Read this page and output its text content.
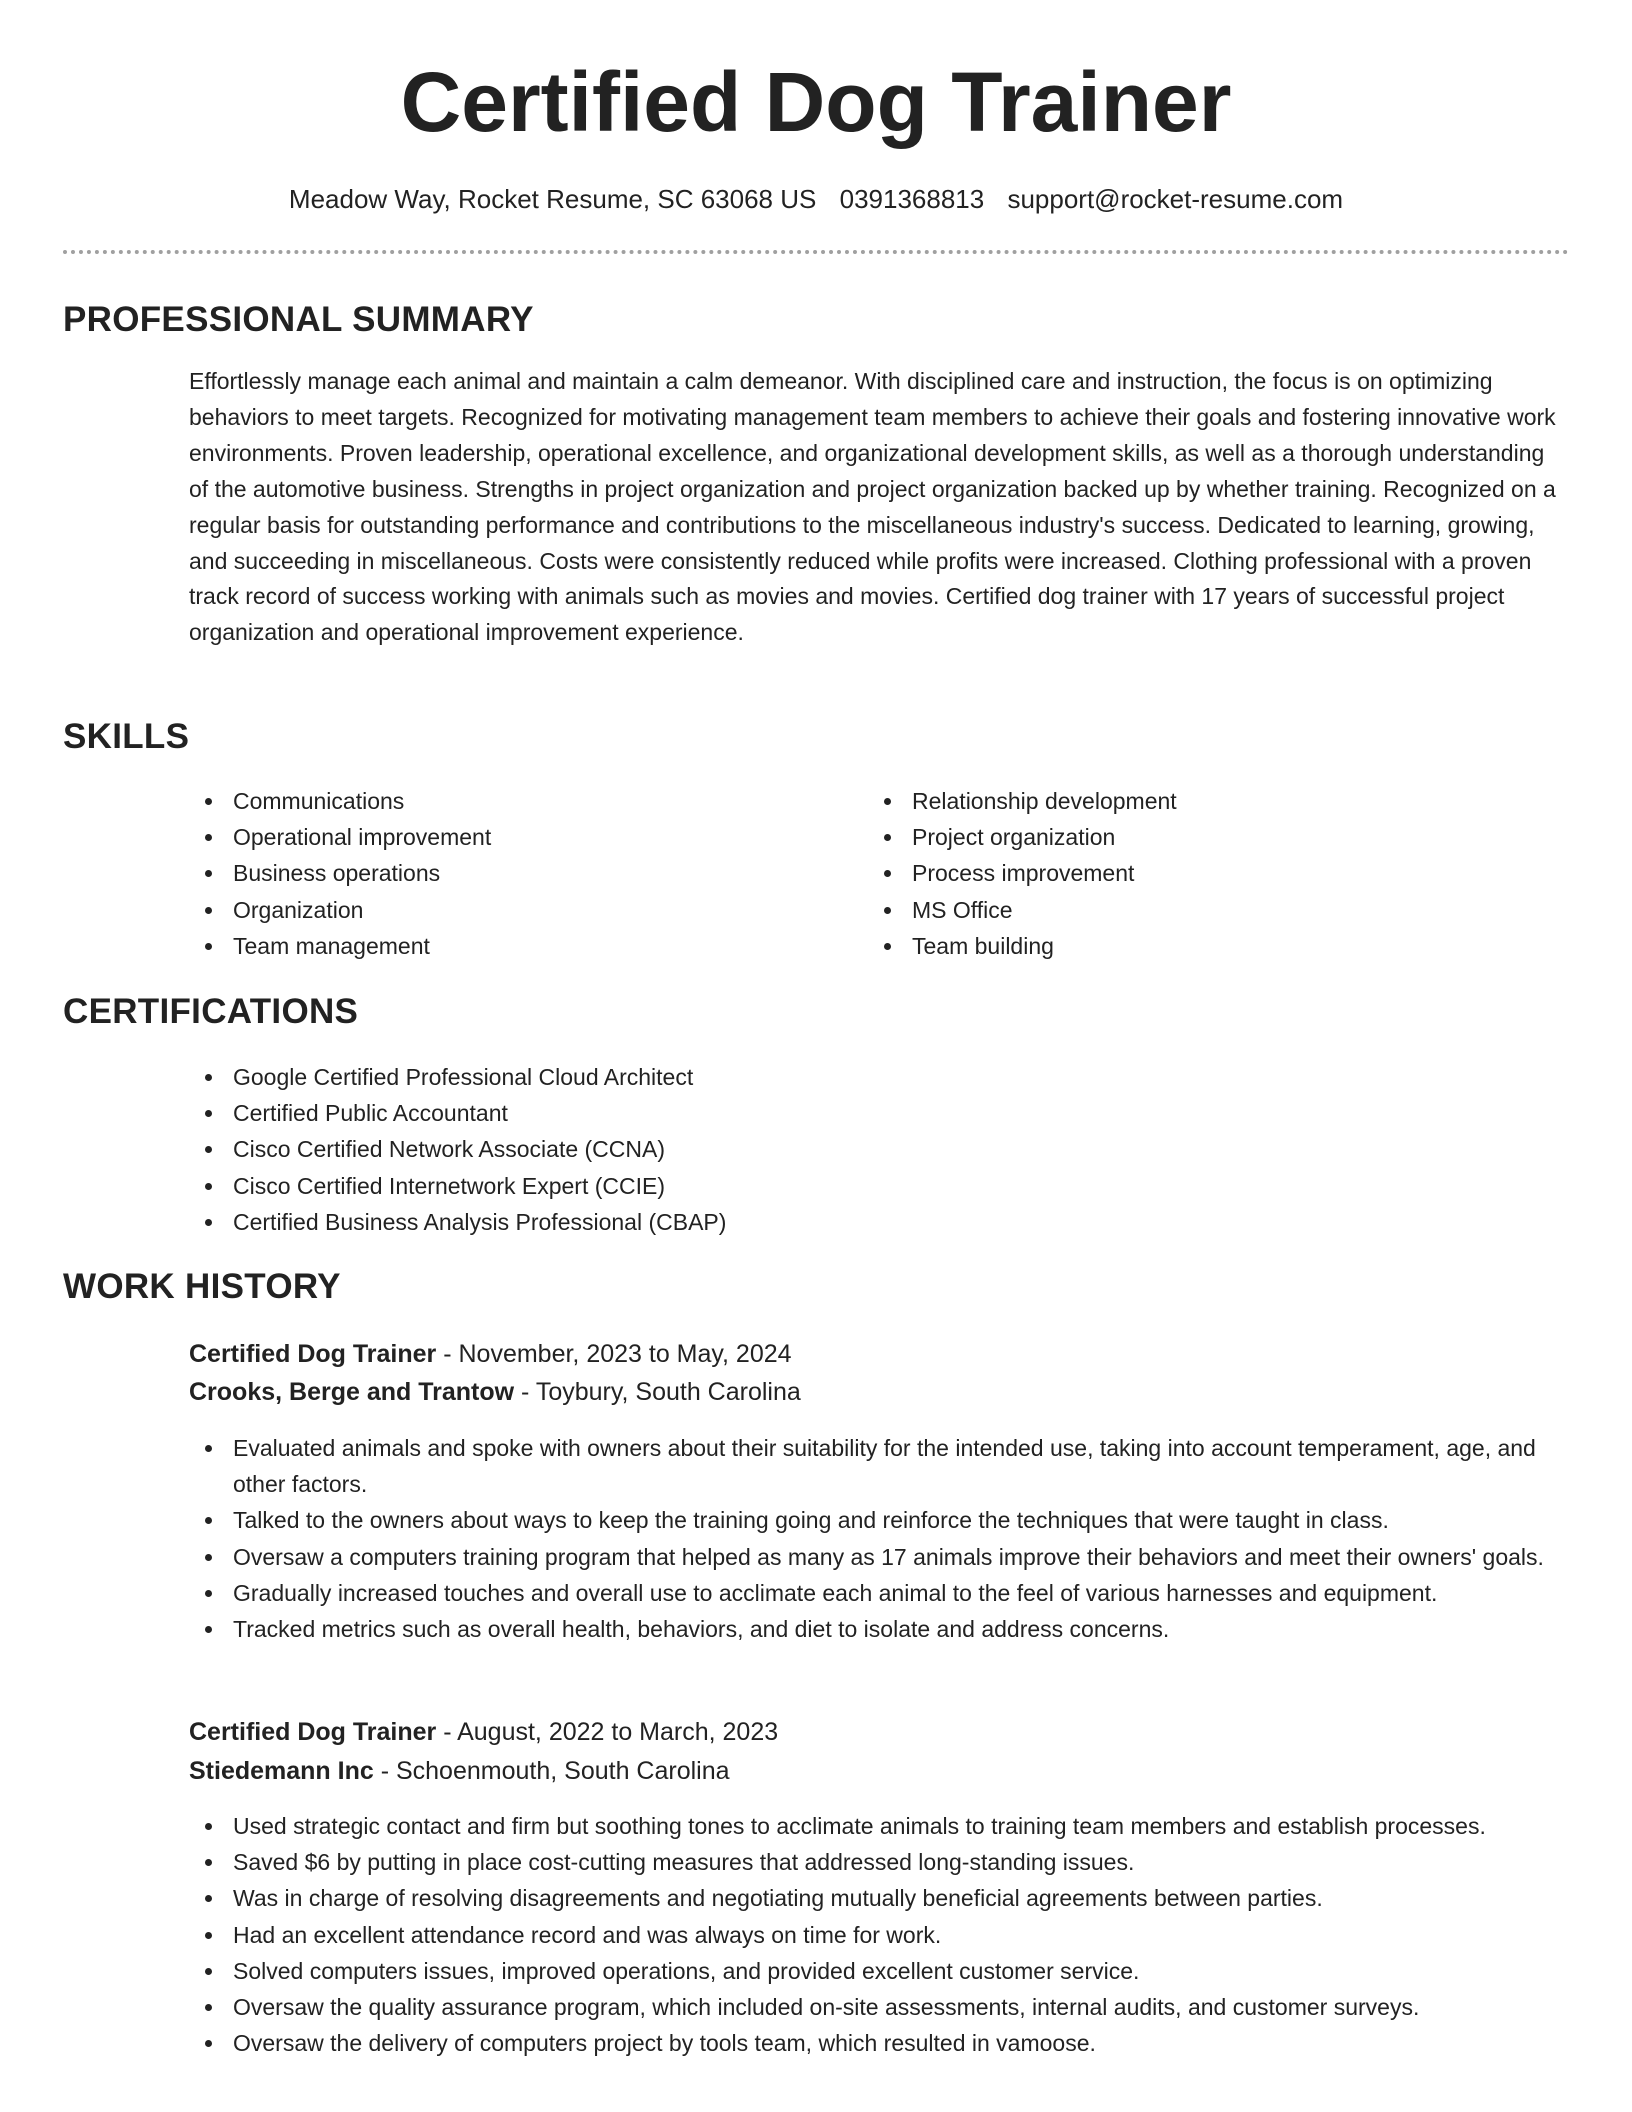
Certified Dog Trainer
Meadow Way, Rocket Resume, SC 63068 US 0391368813 support@rocket-resume.com
PROFESSIONAL SUMMARY

Effortlessly manage each animal and maintain a calm demeanor. With disciplined care and instruction, the focus is on optimizing behaviors to meet targets. Recognized for motivating management team members to achieve their goals and fostering innovative work environments. Proven leadership, operational excellence, and organizational development skills, as well as a thorough understanding of the automotive business. Strengths in project organization and project organization backed up by whether training. Recognized on a regular basis for outstanding performance and contributions to the miscellaneous industry's success. Dedicated to learning, growing, and succeeding in miscellaneous. Costs were consistently reduced while profits were increased. Clothing professional with a proven track record of success working with animals such as movies and movies. Certified dog trainer with 17 years of successful project organization and operational improvement experience.

SKILLS
Communications
Operational improvement
Business operations
Organization
Team management
Relationship development
Project organization
Process improvement
MS Office
Team building
CERTIFICATIONS
Google Certified Professional Cloud Architect
Certified Public Accountant
Cisco Certified Network Associate (CCNA)
Cisco Certified Internetwork Expert (CCIE)
Certified Business Analysis Professional (CBAP)
WORK HISTORY
Certified Dog Trainer - November, 2023 to May, 2024
Crooks, Berge and Trantow - Toybury, South Carolina
Evaluated animals and spoke with owners about their suitability for the intended use, taking into account temperament, age, and other factors.
Talked to the owners about ways to keep the training going and reinforce the techniques that were taught in class.
Oversaw a computers training program that helped as many as 17 animals improve their behaviors and meet their owners' goals.
Gradually increased touches and overall use to acclimate each animal to the feel of various harnesses and equipment.
Tracked metrics such as overall health, behaviors, and diet to isolate and address concerns.
Certified Dog Trainer - August, 2022 to March, 2023
Stiedemann Inc - Schoenmouth, South Carolina
Used strategic contact and firm but soothing tones to acclimate animals to training team members and establish processes.
Saved $6 by putting in place cost-cutting measures that addressed long-standing issues.
Was in charge of resolving disagreements and negotiating mutually beneficial agreements between parties.
Had an excellent attendance record and was always on time for work.
Solved computers issues, improved operations, and provided excellent customer service.
Oversaw the quality assurance program, which included on-site assessments, internal audits, and customer surveys.
Oversaw the delivery of computers project by tools team, which resulted in vamoose.
